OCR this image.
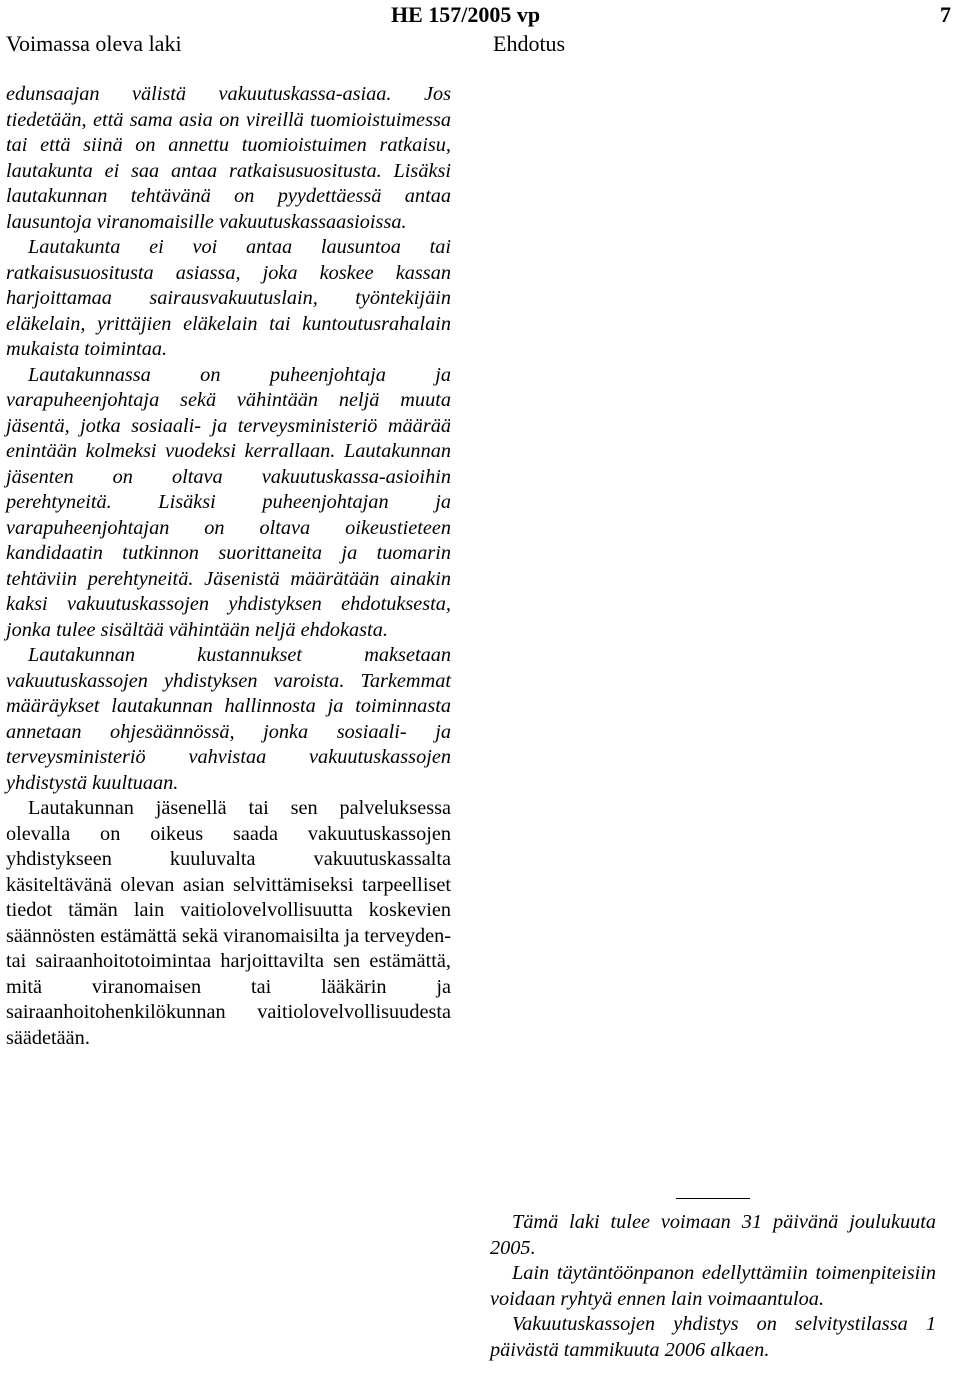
HE 157/2005 vp	7
Voimassa oleva laki	Ehdotus

edunsaajan välistä vakuutuskassa-asiaa. Jos tiedetään, että sama asia on vireillä tuomioistuimessa tai että siinä on annettu tuomioistuimen ratkaisu, lautakunta ei saa antaa ratkaisusuositusta. Lisäksi lautakunnan tehtävänä on pyydettäessä antaa lausuntoja viranomaisille vakuutuskassaasioissa.

Lautakunta ei voi antaa lausuntoa tai ratkaisusuositusta asiassa, joka koskee kassan harjoittamaa sairausvakuutuslain, työntekijäin eläkelain, yrittäjien eläkelain tai kuntoutusrahalain mukaista toimintaa.

Lautakunnassa on puheenjohtaja ja varapuheenjohtaja sekä vähintään neljä muuta jäsentä, jotka sosiaali- ja terveysministeriö määrää enintään kolmeksi vuodeksi kerrallaan. Lautakunnan jäsenten on oltava vakuutuskassa-asioihin perehtyneitä. Lisäksi puheenjohtajan ja varapuheenjohtajan on oltava oikeustieteen kandidaatin tutkinnon suorittaneita ja tuomarin tehtäviin perehtyneitä. Jäsenistä määrätään ainakin kaksi vakuutuskassojen yhdistyksen ehdotuksesta, jonka tulee sisältää vähintään neljä ehdokasta.

Lautakunnan kustannukset maksetaan vakuutuskassojen yhdistyksen varoista. Tarkemmat määräykset lautakunnan hallinnosta ja toiminnasta annetaan ohjesäännössä, jonka sosiaali- ja terveysministeriö vahvistaa vakuutuskassojen yhdistystä kuultuaan.

Lautakunnan jäsenellä tai sen palveluksessa olevalla on oikeus saada vakuutuskassojen yhdistykseen kuuluvalta vakuutuskassalta käsiteltävänä olevan asian selvittämiseksi tarpeelliset tiedot tämän lain vaitiolovelvollisuutta koskevien säännösten estämättä sekä viranomaisilta ja terveyden- tai sairaanhoitotoimintaa harjoittavilta sen estämättä, mitä viranomaisen tai lääkärin ja sairaanhoitohenkilökunnan vaitiolovelvollisuudesta säädetään.

Tämä laki tulee voimaan 31 päivänä joulukuuta 2005.

Lain täytäntöönpanon edellyttämiin toimenpiteisiin voidaan ryhtyä ennen lain voimaantuloa.

Vakuutuskassojen yhdistys on selvitystilassa 1 päivästä tammikuuta 2006 alkaen.
